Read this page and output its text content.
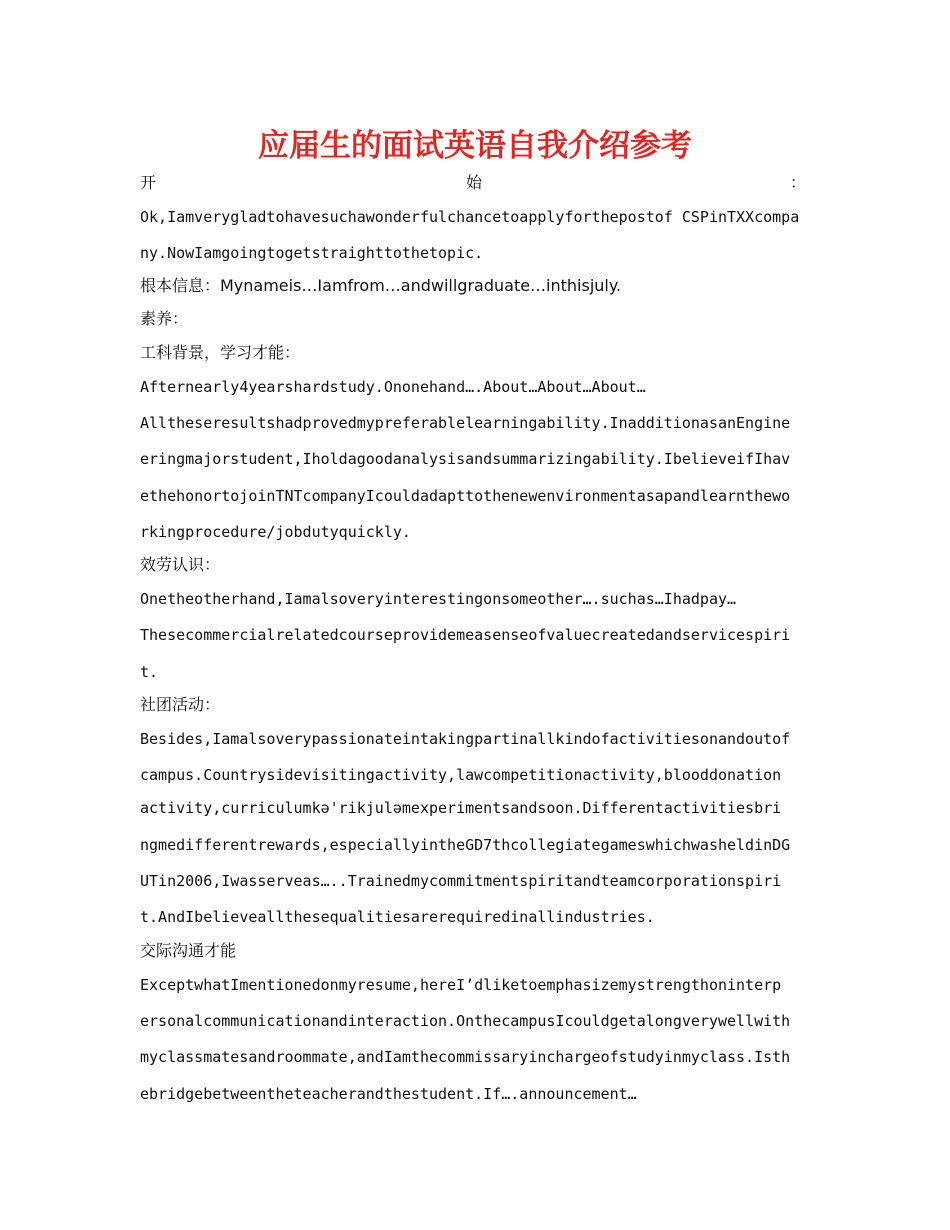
应届生的面试英语自我介绍参考
开	始	：
Ok,Iamverygladtohavesuchawonderfulchancetoapplyforthepostof CSPinTXXcompa
ny.NowIamgoingtogetstraighttothetopic.
根本信息：Mynameis…Iamfrom…andwillgraduate…inthisjuly.
素养：
工科背景，学习才能：
Afternearly4yearshardstudy.Ononehand….About…About…About…
Alltheseresultshadprovedmypreferablelearningability.InadditionasanEngine
eringmajorstudent,Iholdagoodanalysisandsummarizingability.IbelieveifIhav
ethehonortojoinTNTcompanyIcouldadapttothenewenvironmentasapandlearnthewo
rkingprocedure/jobdutyquickly.
效劳认识：
Onetheotherhand,Iamalsoveryinterestingonsomeother….suchas…Ihadpay…
Thesecommercialrelatedcourseprovidemeasenseofvaluecreatedandservicespiri
t.
社团活动：
Besides,Iamalsoverypassionateintakingpartinallkindofactivitiesonandoutof
campus.Countrysidevisitingactivity,lawcompetitionactivity,blooddonation
activity,curriculumkə'rikjuləmexperimentsandsoon.Differentactivitiesbri
ngmedifferentrewards,especiallyintheGD7thcollegiategameswhichwasheldinDG
UTin2006,Iwasserveas…..Trainedmycommitmentspiritandteamcorporationspiri
t.AndIbelieveallthesequalitiesarerequiredinallindustries.
交际沟通才能
ExceptwhatImentionedonmyresume,hereI’dliketoemphasizemystrengthoninterp
ersonalcommunicationandinteraction.OnthecampusIcouldgetalongverywellwith
myclassmatesandroommate,andIamthecommissaryinchargeofstudyinmyclass.Isth
ebridgebetweentheteacherandthestudent.If….announcement…
